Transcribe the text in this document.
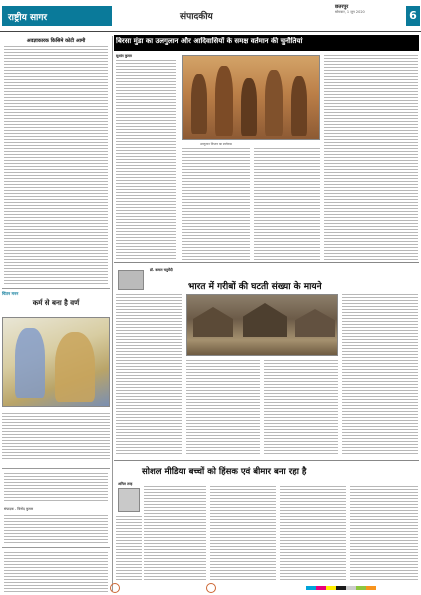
राष्ट्रीय सागर	संपादकीय
छतरपुर
सोमवार, 1 जून 2020	6
अवज्ञाकारक किसिमे कोटी आमी
चिंतन मनन
कर्म से बना है वर्ण
संपादक - विनोद कुमार
बिरसा मुंडा का उलगुलान और आदिवासियों के समक्ष वर्तमान की चुनौतियां
सुशांत कुमार
उलगुलान विप्लव का स्वर्गवास
डॉ. कमल चतुर्वेदी
भारत में गरीबों की घटती संख्या के मायने
सोशल मीडिया बच्चों को हिंसक एवं बीमार बना रहा है
अनिल तरह
